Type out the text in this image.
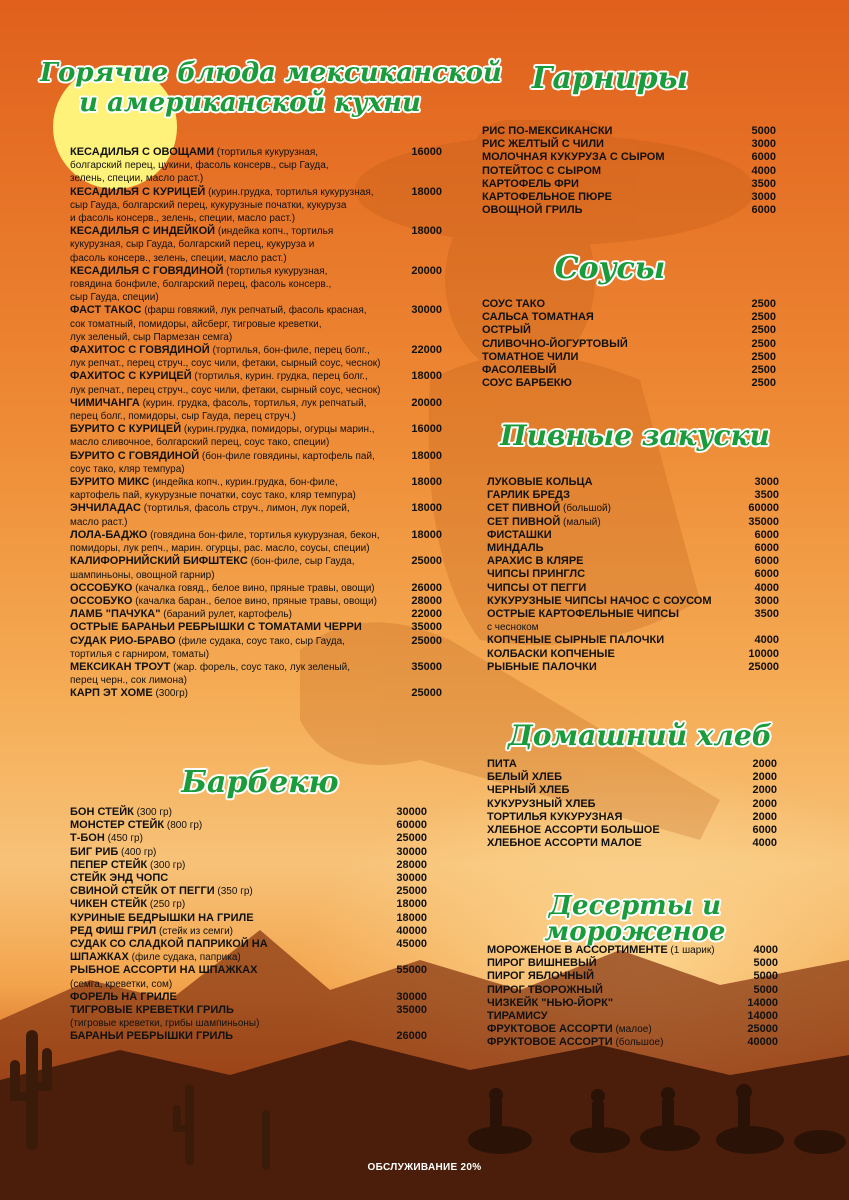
Горячие блюда мексиканской
и американской кухни
Барбекю
Гарниры
Соусы
Пивные закуски
Домашний хлеб
Десерты и мороженое
КЕСАДИЛЬЯ С ОВОЩАМИ (тортилья кукурузная,	16000
болгарский перец, цукини, фасоль консерв., сыр Гауда,
зелень, специи, масло раст.)
КЕСАДИЛЬЯ С КУРИЦЕЙ (курин.грудка, тортилья кукурузная,	18000
сыр Гауда, болгарский перец, кукурузные початки, кукуруза
и фасоль консерв., зелень, специи, масло раст.)
КЕСАДИЛЬЯ С ИНДЕЙКОЙ (индейка копч., тортилья	18000
кукурузная, сыр Гауда, болгарский перец, кукуруза и
фасоль консерв., зелень, специи, масло раст.)
КЕСАДИЛЬЯ С ГОВЯДИНОЙ (тортилья кукурузная,	20000
говядина бонфиле, болгарский перец, фасоль консерв.,
сыр Гауда, специи)
ФАСТ ТАКОС (фарш говяжий, лук репчатый, фасоль красная,	30000
сок томатный, помидоры, айсберг, тигровые креветки,
лук зеленый, сыр Пармезан семга)
ФАХИТОС С ГОВЯДИНОЙ (тортилья, бон-филе, перец болг.,	22000
лук репчат., перец струч., соус чили, фетаки, сырный соус, чеснок)
ФАХИТОС С КУРИЦЕЙ (тортилья, курин. грудка, перец болг.,	18000
лук репчат., перец струч., соус чили, фетаки, сырный соус, чеснок)
ЧИМИЧАНГА (курин. грудка, фасоль, тортилья, лук репчатый,	20000
перец болг., помидоры, сыр Гауда, перец струч.)
БУРИТО С КУРИЦЕЙ (курин.грудка, помидоры, огурцы марин.,	16000
масло сливочное, болгарский перец, соус тако, специи)
БУРИТО С ГОВЯДИНОЙ (бон-филе говядины, картофель пай,	18000
соус тако, кляр темпура)
БУРИТО МИКС (индейка копч., курин.грудка, бон-филе,	18000
картофель пай, кукурузные початки, соус тако, кляр темпура)
ЭНЧИЛАДАС (тортилья, фасоль струч., лимон, лук порей,	18000
масло раст.)
ЛОЛА-БАДЖО (говядина бон-филе, тортилья кукурузная, бекон,	18000
помидоры, лук репч., марин. огурцы, рас. масло, соусы, специи)
КАЛИФОРНИЙСКИЙ БИФШТЕКС (бон-филе, сыр Гауда,	25000
шампиньоны, овощной гарнир)
ОССОБУКО (качалка говяд., белое вино, пряные травы, овощи)	26000
ОССОБУКО (качалка баран., белое вино, пряные травы, овощи)	28000
ЛАМБ "ПАЧУКА" (бараний рулет, картофель)	22000
ОСТРЫЕ БАРАНЬИ РЕБРЫШКИ С ТОМАТАМИ ЧЕРРИ	35000
СУДАК РИО-БРАВО (филе судака, соус тако, сыр Гауда,	25000
тортилья с гарниром, томаты)
МЕКСИКАН ТРОУТ (жар. форель, соус тако, лук зеленый,	35000
перец черн., сок лимона)
КАРП ЭТ ХОМЕ (300гр)	25000
БОН СТЕЙК (300 гр)	30000
МОНСТЕР СТЕЙК (800 гр)	60000
Т-БОН (450 гр)	25000
БИГ РИБ (400 гр)	30000
ПЕПЕР СТЕЙК (300 гр)	28000
СТЕЙК ЭНД ЧОПС	30000
СВИНОЙ СТЕЙК ОТ ПЕГГИ (350 гр)	25000
ЧИКЕН СТЕЙК (250 гр)	18000
КУРИНЫЕ БЕДРЫШКИ НА ГРИЛЕ	18000
РЕД ФИШ ГРИЛ (стейк из семги)	40000
СУДАК СО СЛАДКОЙ ПАПРИКОЙ НА	45000
ШПАЖКАХ (филе судака, паприка)
РЫБНОЕ АССОРТИ НА ШПАЖКАХ	55000
(семга, креветки, сом)
ФОРЕЛЬ НА ГРИЛЕ	30000
ТИГРОВЫЕ КРЕВЕТКИ ГРИЛЬ	35000
(тигровые креветки, грибы шампиньоны)
БАРАНЬИ РЕБРЫШКИ ГРИЛЬ	26000
РИС ПО-МЕКСИКАНСКИ	5000
РИС ЖЕЛТЫЙ С ЧИЛИ	3000
МОЛОЧНАЯ КУКУРУЗА С СЫРОМ	6000
ПОТЕЙТОС С СЫРОМ	4000
КАРТОФЕЛЬ ФРИ	3500
КАРТОФЕЛЬНОЕ ПЮРЕ	3000
ОВОЩНОЙ ГРИЛЬ	6000
СОУС ТАКО	2500
САЛЬСА ТОМАТНАЯ	2500
ОСТРЫЙ	2500
СЛИВОЧНО-ЙОГУРТОВЫЙ	2500
ТОМАТНОЕ ЧИЛИ	2500
ФАСОЛЕВЫЙ	2500
СОУС БАРБЕКЮ	2500
ЛУКОВЫЕ КОЛЬЦА	3000
ГАРЛИК БРЕДЗ	3500
СЕТ ПИВНОЙ (большой)	60000
СЕТ ПИВНОЙ (малый)	35000
ФИСТАШКИ	6000
МИНДАЛЬ	6000
АРАХИС В КЛЯРЕ	6000
ЧИПСЫ ПРИНГЛС	6000
ЧИПСЫ ОТ ПЕГГИ	4000
КУКУРУЗНЫЕ ЧИПСЫ НАЧОС С СОУСОМ	3000
ОСТРЫЕ КАРТОФЕЛЬНЫЕ ЧИПСЫ	3500
с чесноком
КОПЧЕНЫЕ СЫРНЫЕ ПАЛОЧКИ	4000
КОЛБАСКИ КОПЧЕНЫЕ	10000
РЫБНЫЕ ПАЛОЧКИ	25000
ПИТА	2000
БЕЛЫЙ ХЛЕБ	2000
ЧЕРНЫЙ ХЛЕБ	2000
КУКУРУЗНЫЙ ХЛЕБ	2000
ТОРТИЛЬЯ КУКУРУЗНАЯ	2000
ХЛЕБНОЕ АССОРТИ БОЛЬШОЕ	6000
ХЛЕБНОЕ АССОРТИ МАЛОЕ	4000
МОРОЖЕНОЕ В АССОРТИМЕНТЕ (1 шарик)	4000
ПИРОГ ВИШНЕВЫЙ	5000
ПИРОГ ЯБЛОЧНЫЙ	5000
ПИРОГ ТВОРОЖНЫЙ	5000
ЧИЗКЕЙК "НЬЮ-ЙОРК"	14000
ТИРАМИСУ	14000
ФРУКТОВОЕ АССОРТИ (малое)	25000
ФРУКТОВОЕ АССОРТИ (большое)	40000
ОБСЛУЖИВАНИЕ 20%
